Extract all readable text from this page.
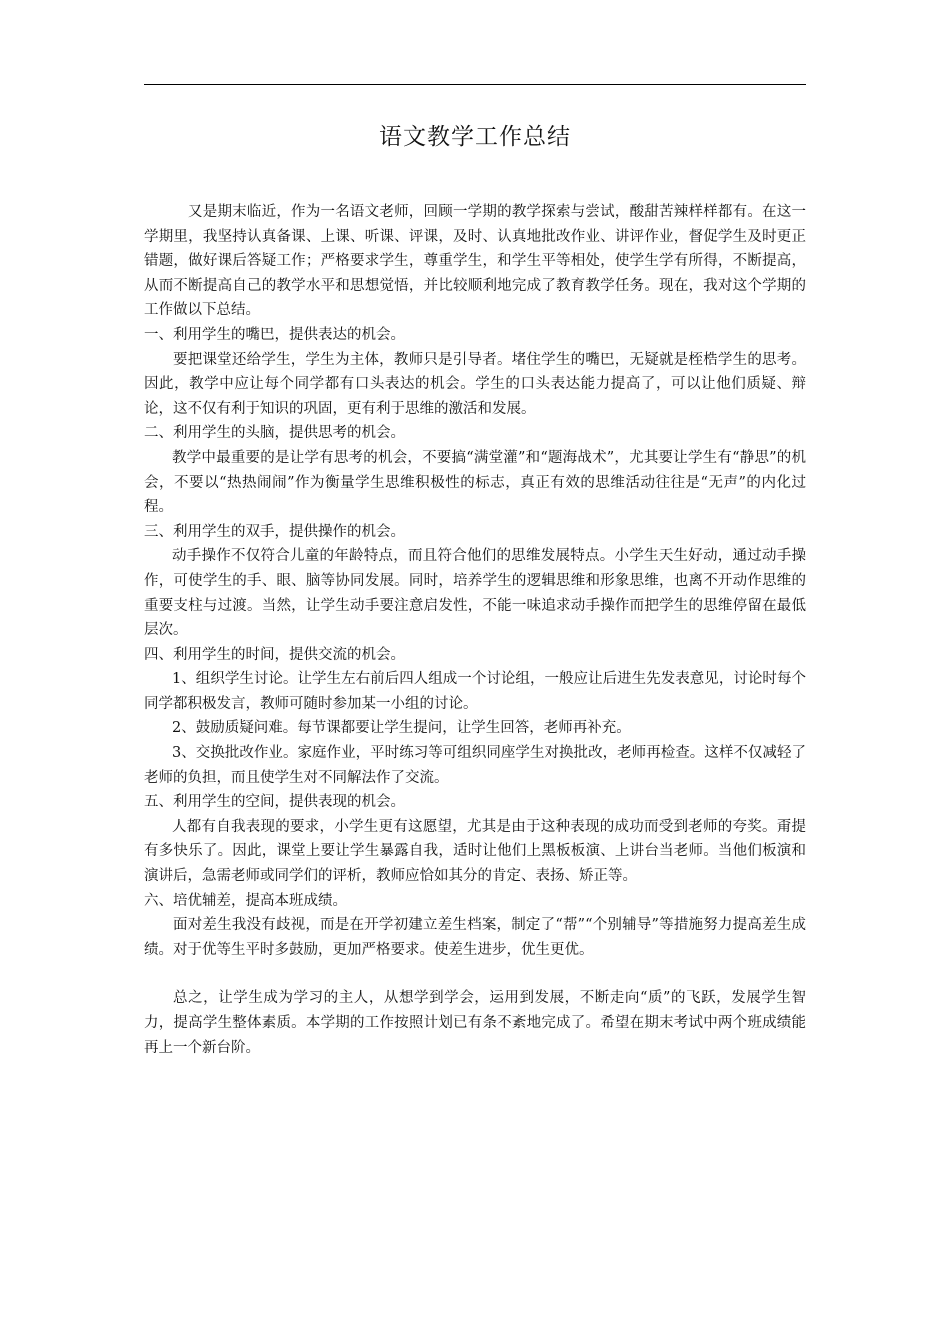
语文教学工作总结

又是期末临近，作为一名语文老师，回顾一学期的教学探索与尝试，酸甜苦辣样样都有。在这一学期里，我坚持认真备课、上课、听课、评课，及时、认真地批改作业、讲评作业，督促学生及时更正错题，做好课后答疑工作；严格要求学生，尊重学生，和学生平等相处，使学生学有所得，不断提高，从而不断提高自己的教学水平和思想觉悟，并比较顺利地完成了教育教学任务。现在，我对这个学期的工作做以下总结。

一、利用学生的嘴巴，提供表达的机会。

要把课堂还给学生，学生为主体，教师只是引导者。堵住学生的嘴巴，无疑就是桎梏学生的思考。因此，教学中应让每个同学都有口头表达的机会。学生的口头表达能力提高了，可以让他们质疑、辩论，这不仅有利于知识的巩固，更有利于思维的激活和发展。

二、利用学生的头脑，提供思考的机会。

教学中最重要的是让学有思考的机会，不要搞“满堂灌”和“题海战术”，尤其要让学生有“静思”的机会，不要以“热热闹闹”作为衡量学生思维积极性的标志，真正有效的思维活动往往是“无声”的内化过程。

三、利用学生的双手，提供操作的机会。

动手操作不仅符合儿童的年龄特点，而且符合他们的思维发展特点。小学生天生好动，通过动手操作，可使学生的手、眼、脑等协同发展。同时，培养学生的逻辑思维和形象思维，也离不开动作思维的重要支柱与过渡。当然，让学生动手要注意启发性，不能一味追求动手操作而把学生的思维停留在最低层次。

四、利用学生的时间，提供交流的机会。

1、组织学生讨论。让学生左右前后四人组成一个讨论组，一般应让后进生先发表意见，讨论时每个同学都积极发言，教师可随时参加某一小组的讨论。

2、鼓励质疑问难。每节课都要让学生提问，让学生回答，老师再补充。

3、交换批改作业。家庭作业，平时练习等可组织同座学生对换批改，老师再检查。这样不仅减轻了老师的负担，而且使学生对不同解法作了交流。

五、利用学生的空间，提供表现的机会。

人都有自我表现的要求，小学生更有这愿望，尤其是由于这种表现的成功而受到老师的夸奖。甭提有多快乐了。因此，课堂上要让学生暴露自我，适时让他们上黑板板演、上讲台当老师。当他们板演和演讲后，急需老师或同学们的评析，教师应恰如其分的肯定、表扬、矫正等。

六、培优辅差，提高本班成绩。

面对差生我没有歧视，而是在开学初建立差生档案，制定了“帮”“个别辅导”等措施努力提高差生成绩。对于优等生平时多鼓励，更加严格要求。使差生进步，优生更优。

总之，让学生成为学习的主人，从想学到学会，运用到发展，不断走向“质”的飞跃，发展学生智力，提高学生整体素质。本学期的工作按照计划已有条不紊地完成了。希望在期末考试中两个班成绩能再上一个新台阶。
